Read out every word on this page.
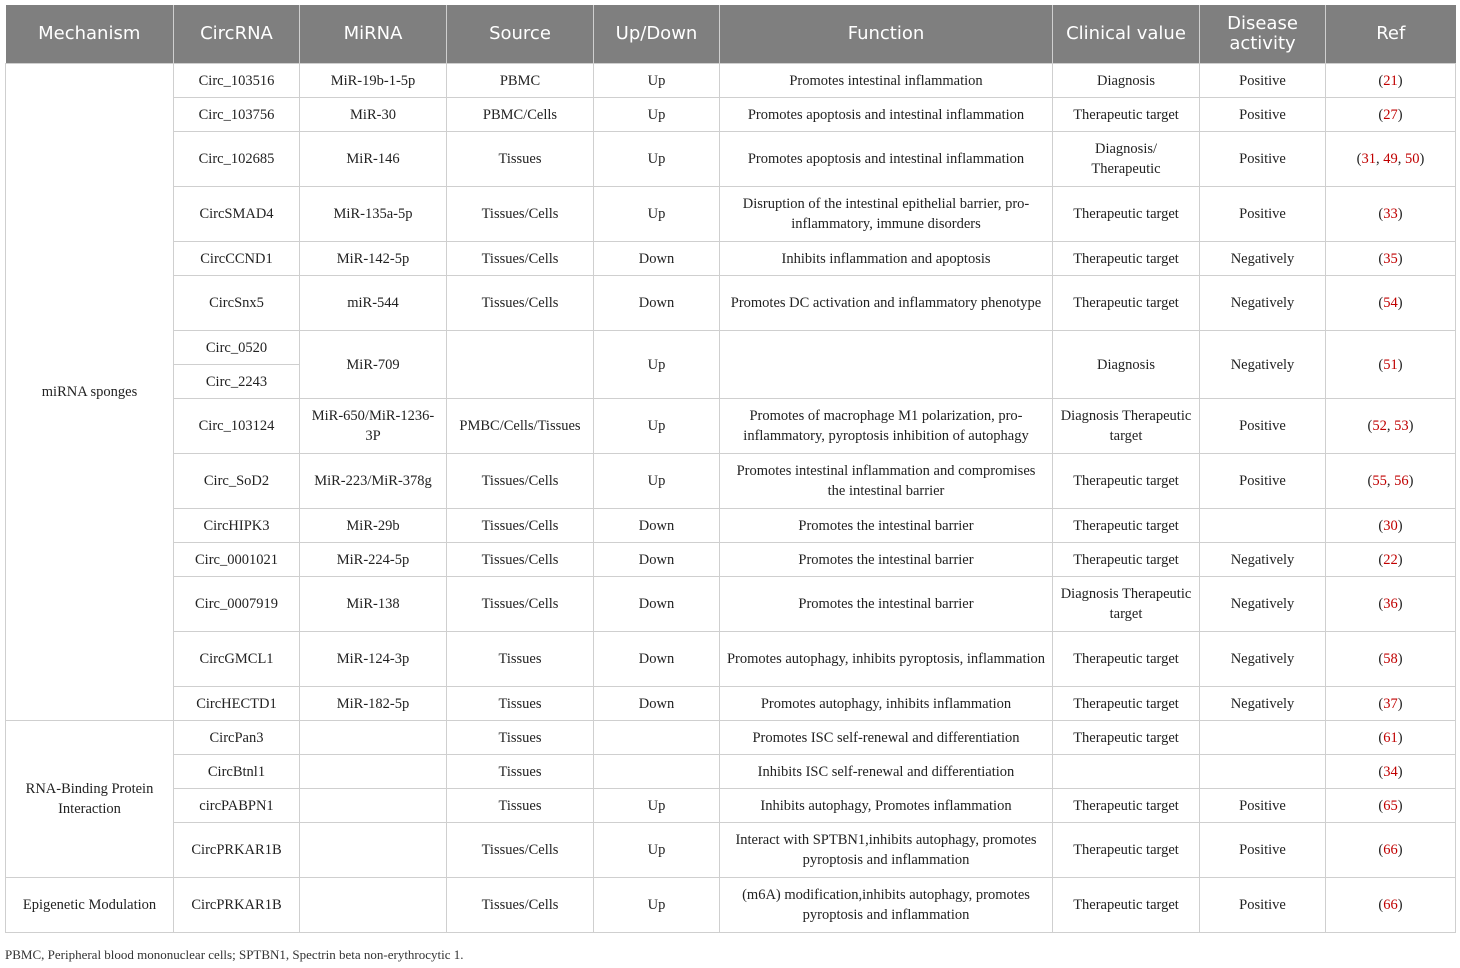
Mechanism	CircRNA	MiRNA	Source	Up/Down	Function	Clinical value	Disease activity	Ref
miRNA sponges	Circ_103516	MiR-19b-1-5p	PBMC	Up	Promotes intestinal inflammation	Diagnosis	Positive	(21)
	Circ_103756	MiR-30	PBMC/Cells	Up	Promotes apoptosis and intestinal inflammation	Therapeutic target	Positive	(27)
	Circ_102685	MiR-146	Tissues	Up	Promotes apoptosis and intestinal inflammation	Diagnosis/ Therapeutic	Positive	(31, 49, 50)
	CircSMAD4	MiR-135a-5p	Tissues/Cells	Up	Disruption of the intestinal epithelial barrier, pro-inflammatory, immune disorders	Therapeutic target	Positive	(33)
	CircCCND1	MiR-142-5p	Tissues/Cells	Down	Inhibits inflammation and apoptosis	Therapeutic target	Negatively	(35)
	CircSnx5	miR-544	Tissues/Cells	Down	Promotes DC activation and inflammatory phenotype	Therapeutic target	Negatively	(54)
	Circ_0520	MiR-709		Up		Diagnosis	Negatively	(51)
	Circ_2243							
	Circ_103124	MiR-650/MiR-1236-3P	PMBC/Cells/Tissues	Up	Promotes of macrophage M1 polarization, pro-inflammatory, pyroptosis inhibition of autophagy	Diagnosis Therapeutic target	Positive	(52, 53)
	Circ_SoD2	MiR-223/MiR-378g	Tissues/Cells	Up	Promotes intestinal inflammation and compromises the intestinal barrier	Therapeutic target	Positive	(55, 56)
	CircHIPK3	MiR-29b	Tissues/Cells	Down	Promotes the intestinal barrier	Therapeutic target		(30)
	Circ_0001021	MiR-224-5p	Tissues/Cells	Down	Promotes the intestinal barrier	Therapeutic target	Negatively	(22)
	Circ_0007919	MiR-138	Tissues/Cells	Down	Promotes the intestinal barrier	Diagnosis Therapeutic target	Negatively	(36)
	CircGMCL1	MiR-124-3p	Tissues	Down	Promotes autophagy, inhibits pyroptosis, inflammation	Therapeutic target	Negatively	(58)
	CircHECTD1	MiR-182-5p	Tissues	Down	Promotes autophagy, inhibits inflammation	Therapeutic target	Negatively	(37)
RNA-Binding Protein Interaction	CircPan3		Tissues		Promotes ISC self-renewal and differentiation	Therapeutic target		(61)
	CircBtnl1		Tissues		Inhibits ISC self-renewal and differentiation			(34)
	circPABPN1		Tissues	Up	Inhibits autophagy, Promotes inflammation	Therapeutic target	Positive	(65)
	CircPRKAR1B		Tissues/Cells	Up	Interact with SPTBN1,inhibits autophagy, promotes pyroptosis and inflammation	Therapeutic target	Positive	(66)
Epigenetic Modulation	CircPRKAR1B		Tissues/Cells	Up	(m6A) modification,inhibits autophagy, promotes pyroptosis and inflammation	Therapeutic target	Positive	(66)
PBMC, Peripheral blood mononuclear cells; SPTBN1, Spectrin beta non-erythrocytic 1.
